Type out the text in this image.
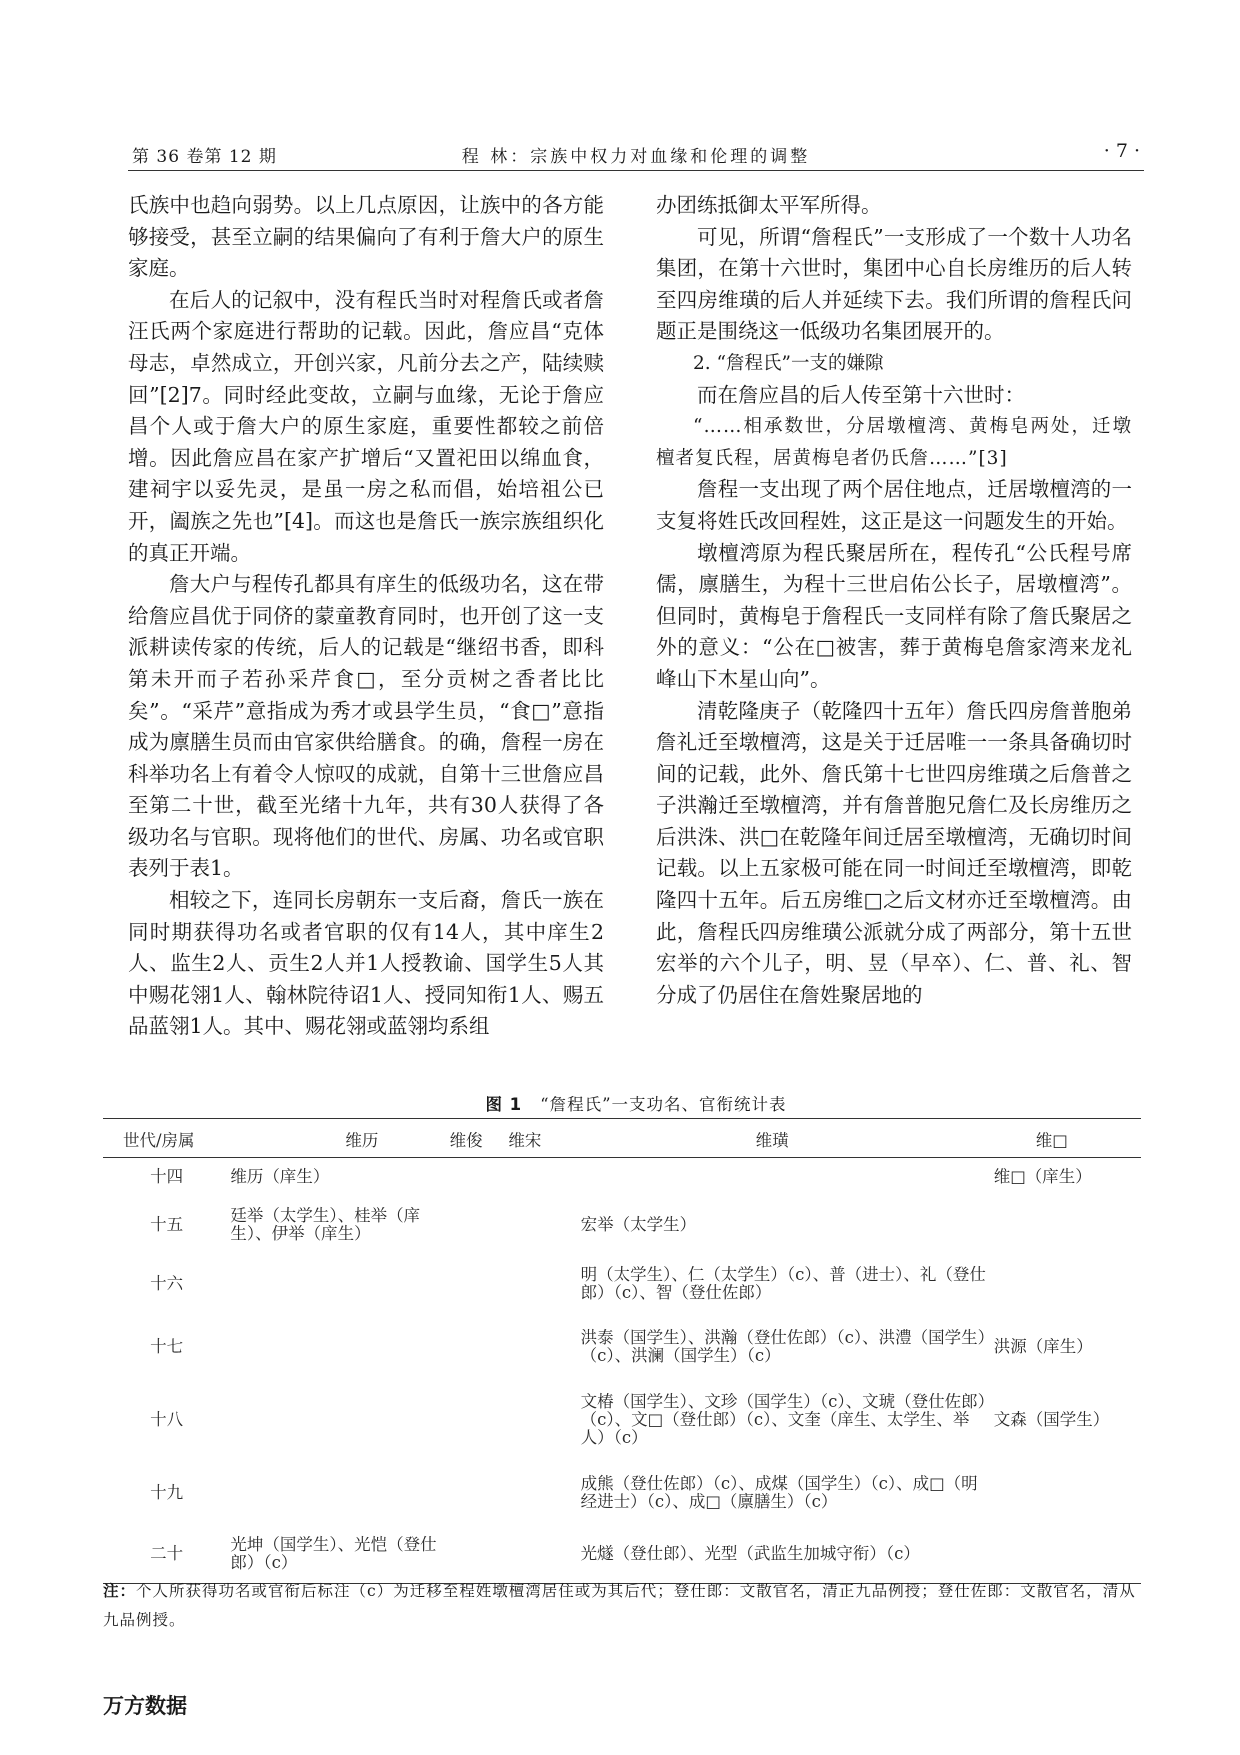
第 36 卷第 12 期	程 林：宗族中权力对血缘和伦理的调整	· 7 ·

氏族中也趋向弱势。以上几点原因，让族中的各方能够接受，甚至立嗣的结果偏向了有利于詹大户的原生家庭。

在后人的记叙中，没有程氏当时对程詹氏或者詹汪氏两个家庭进行帮助的记载。因此，詹应昌“克体母志，卓然成立，开创兴家，凡前分去之产，陆续赎回”[2]7。同时经此变故，立嗣与血缘，无论于詹应昌个人或于詹大户的原生家庭，重要性都较之前倍增。因此詹应昌在家产扩增后“又置祀田以绵血食，建祠宇以妥先灵，是虽一房之私而倡，始培祖公已开，阖族之先也”[4]。而这也是詹氏一族宗族组织化的真正开端。

詹大户与程传孔都具有庠生的低级功名，这在带给詹应昌优于同侪的蒙童教育同时，也开创了这一支派耕读传家的传统，后人的记载是“继绍书香，即科第未开而子若孙采芹食□，至分贡树之香者比比矣”。“采芹”意指成为秀才或县学生员，“食□”意指成为廪膳生员而由官家供给膳食。的确，詹程一房在科举功名上有着令人惊叹的成就，自第十三世詹应昌至第二十世，截至光绪十九年，共有30人获得了各级功名与官职。现将他们的世代、房属、功名或官职表列于表1。

相较之下，连同长房朝东一支后裔，詹氏一族在同时期获得功名或者官职的仅有14人，其中庠生2人、监生2人、贡生2人并1人授教谕、国学生5人其中赐花翎1人、翰林院待诏1人、授同知衔1人、赐五品蓝翎1人。其中、赐花翎或蓝翎均系组

办团练抵御太平军所得。

可见，所谓“詹程氏”一支形成了一个数十人功名集团，在第十六世时，集团中心自长房维历的后人转至四房维璜的后人并延续下去。我们所谓的詹程氏问题正是围绕这一低级功名集团展开的。

2. “詹程氏”一支的嫌隙

而在詹应昌的后人传至第十六世时：

“……相承数世，分居墩檀湾、黄梅皂两处，迁墩檀者复氏程，居黄梅皂者仍氏詹……”[3]

詹程一支出现了两个居住地点，迁居墩檀湾的一支复将姓氏改回程姓，这正是这一问题发生的开始。

墩檀湾原为程氏聚居所在，程传孔“公氏程号席儒，廪膳生，为程十三世启佑公长子，居墩檀湾”。但同时，黄梅皂于詹程氏一支同样有除了詹氏聚居之外的意义：“公在□被害，葬于黄梅皂詹家湾来龙礼峰山下木星山向”。

清乾隆庚子（乾隆四十五年）詹氏四房詹普胞弟詹礼迁至墩檀湾，这是关于迁居唯一一条具备确切时间的记载，此外、詹氏第十七世四房维璜之后詹普之子洪瀚迁至墩檀湾，并有詹普胞兄詹仁及长房维历之后洪洙、洪□在乾隆年间迁居至墩檀湾，无确切时间记载。以上五家极可能在同一时间迁至墩檀湾，即乾隆四十五年。后五房维□之后文材亦迁至墩檀湾。由此，詹程氏四房维璜公派就分成了两部分，第十五世宏举的六个儿子，明、昱（早卒）、仁、普、礼、智分成了仍居住在詹姓聚居地的

图 1 “詹程氏”一支功名、官衔统计表
世代/房属	维历	维俊	维宋	维璜	维□
十四	维历（庠生）				维□（庠生）
十五	廷举（太学生）、桂举（庠生）、伊举（庠生）			宏举（太学生）	
十六				明（太学生）、仁（太学生）（c）、普（进士）、礼（登仕郎）（c）、智（登仕佐郎）	
十七				洪泰（国学生）、洪瀚（登仕佐郎）（c）、洪澧（国学生）（c）、洪澜（国学生）（c）	洪源（庠生）
十八				文椿（国学生）、文珍（国学生）（c）、文琥（登仕佐郎）（c）、文□（登仕郎）（c）、文奎（庠生、太学生、举人）（c）	文森（国学生）
十九				成熊（登仕佐郎）（c）、成煤（国学生）（c）、成□（明经进士）（c）、成□（廪膳生）（c）	
二十	光坤（国学生）、光恺（登仕郎）（c）			光燧（登仕郎）、光型（武监生加城守衔）（c）	
注：个人所获得功名或官衔后标注（c）为迁移至程姓墩檀湾居住或为其后代；登仕郎：文散官名，清正九品例授；登仕佐郎：文散官名，清从九品例授。
万方数据
